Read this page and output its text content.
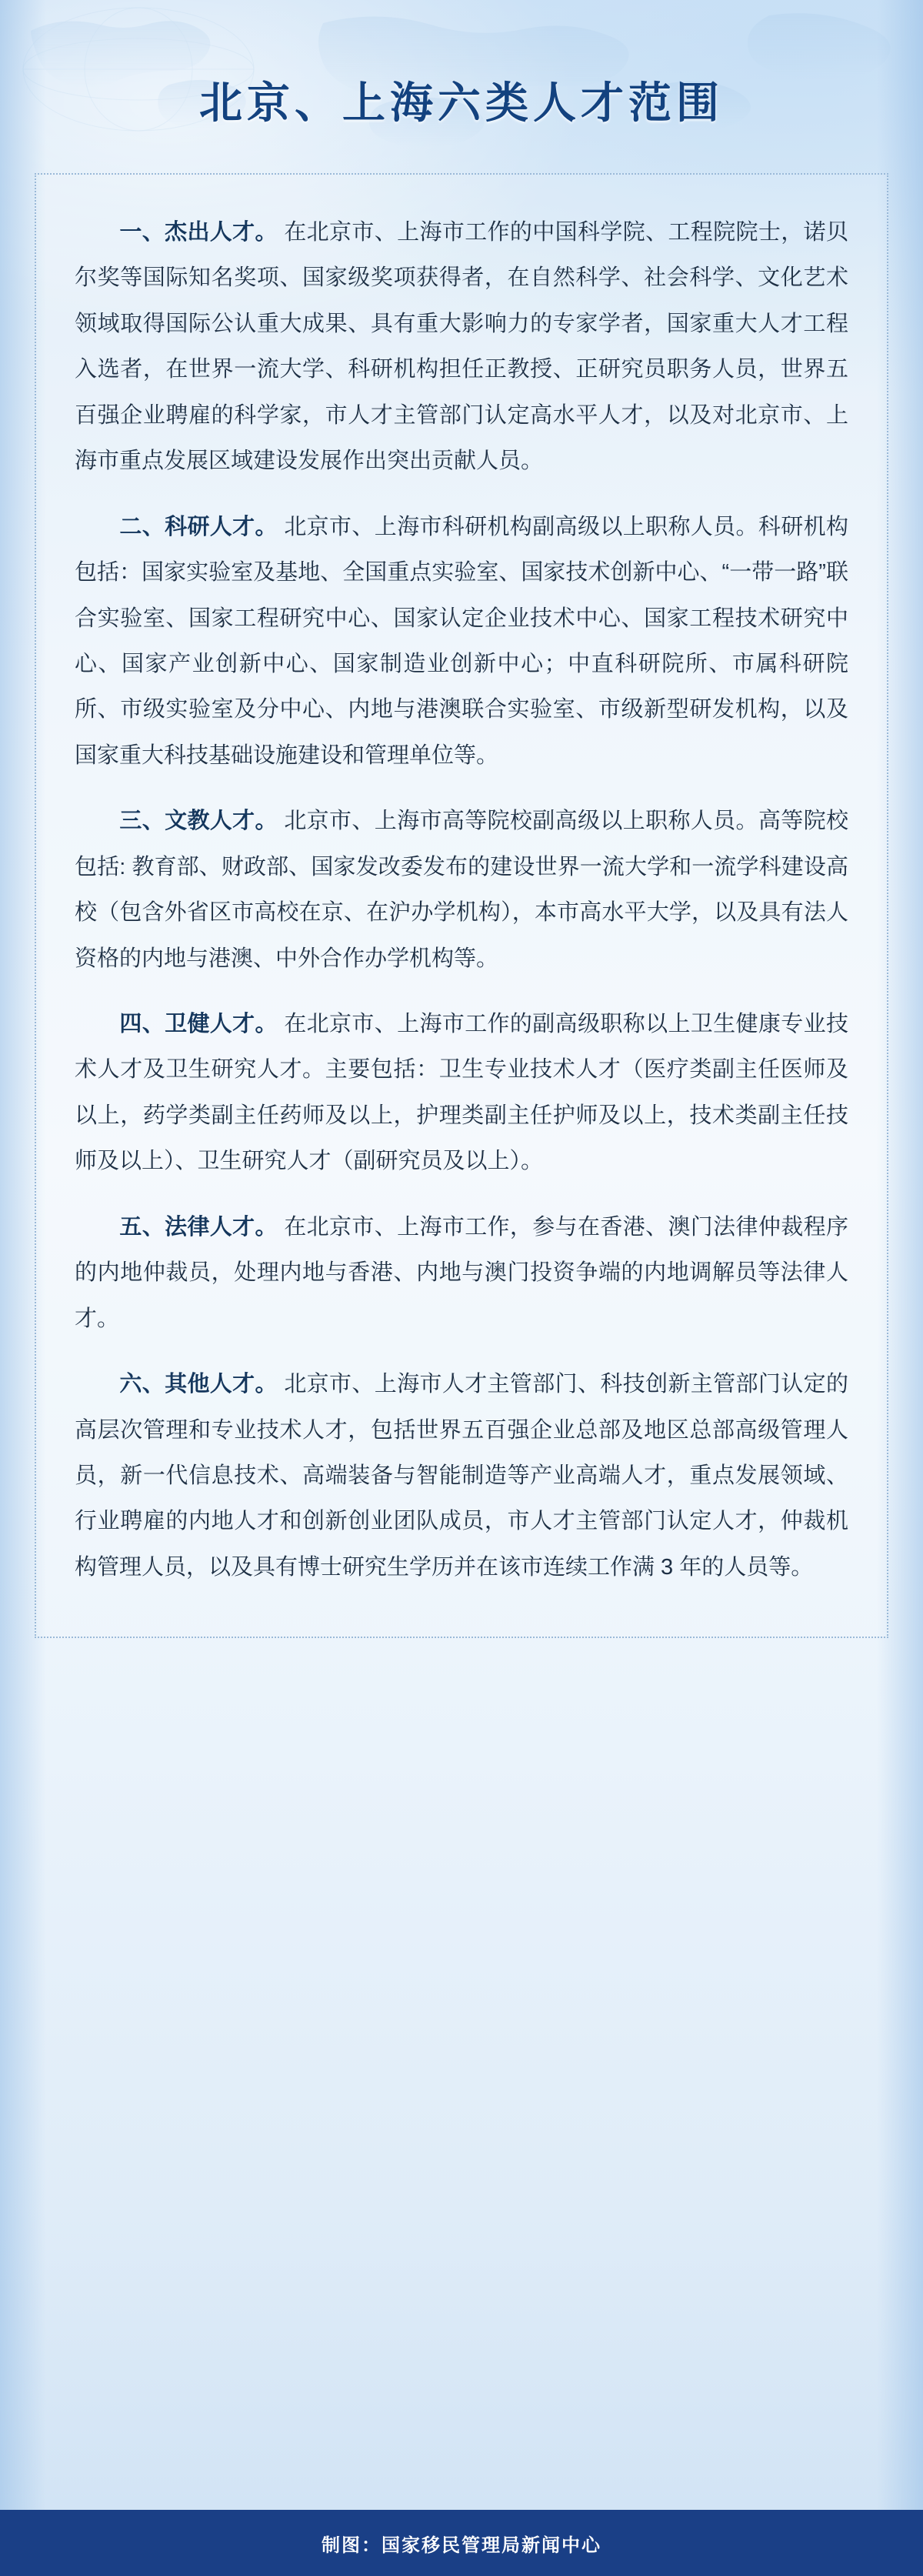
北京、上海六类人才范围

一、杰出人才。 在北京市、上海市工作的中国科学院、工程院院士，诺贝尔奖等国际知名奖项、国家级奖项获得者，在自然科学、社会科学、文化艺术领域取得国际公认重大成果、具有重大影响力的专家学者，国家重大人才工程入选者，在世界一流大学、科研机构担任正教授、正研究员职务人员，世界五百强企业聘雇的科学家，市人才主管部门认定高水平人才，以及对北京市、上海市重点发展区域建设发展作出突出贡献人员。

二、科研人才。 北京市、上海市科研机构副高级以上职称人员。科研机构包括：国家实验室及基地、全国重点实验室、国家技术创新中心、“一带一路”联合实验室、国家工程研究中心、国家认定企业技术中心、国家工程技术研究中心、国家产业创新中心、国家制造业创新中心；中直科研院所、市属科研院所、市级实验室及分中心、内地与港澳联合实验室、市级新型研发机构，以及国家重大科技基础设施建设和管理单位等。

三、文教人才。 北京市、上海市高等院校副高级以上职称人员。高等院校包括: 教育部、财政部、国家发改委发布的建设世界一流大学和一流学科建设高校（包含外省区市高校在京、在沪办学机构），本市高水平大学，以及具有法人资格的内地与港澳、中外合作办学机构等。

四、卫健人才。 在北京市、上海市工作的副高级职称以上卫生健康专业技术人才及卫生研究人才。主要包括：卫生专业技术人才（医疗类副主任医师及以上，药学类副主任药师及以上，护理类副主任护师及以上，技术类副主任技师及以上）、卫生研究人才（副研究员及以上）。

五、法律人才。 在北京市、上海市工作，参与在香港、澳门法律仲裁程序的内地仲裁员，处理内地与香港、内地与澳门投资争端的内地调解员等法律人才。

六、其他人才。 北京市、上海市人才主管部门、科技创新主管部门认定的高层次管理和专业技术人才，包括世界五百强企业总部及地区总部高级管理人员，新一代信息技术、高端装备与智能制造等产业高端人才，重点发展领域、行业聘雇的内地人才和创新创业团队成员，市人才主管部门认定人才，仲裁机构管理人员，以及具有博士研究生学历并在该市连续工作满 3 年的人员等。

制图：国家移民管理局新闻中心
